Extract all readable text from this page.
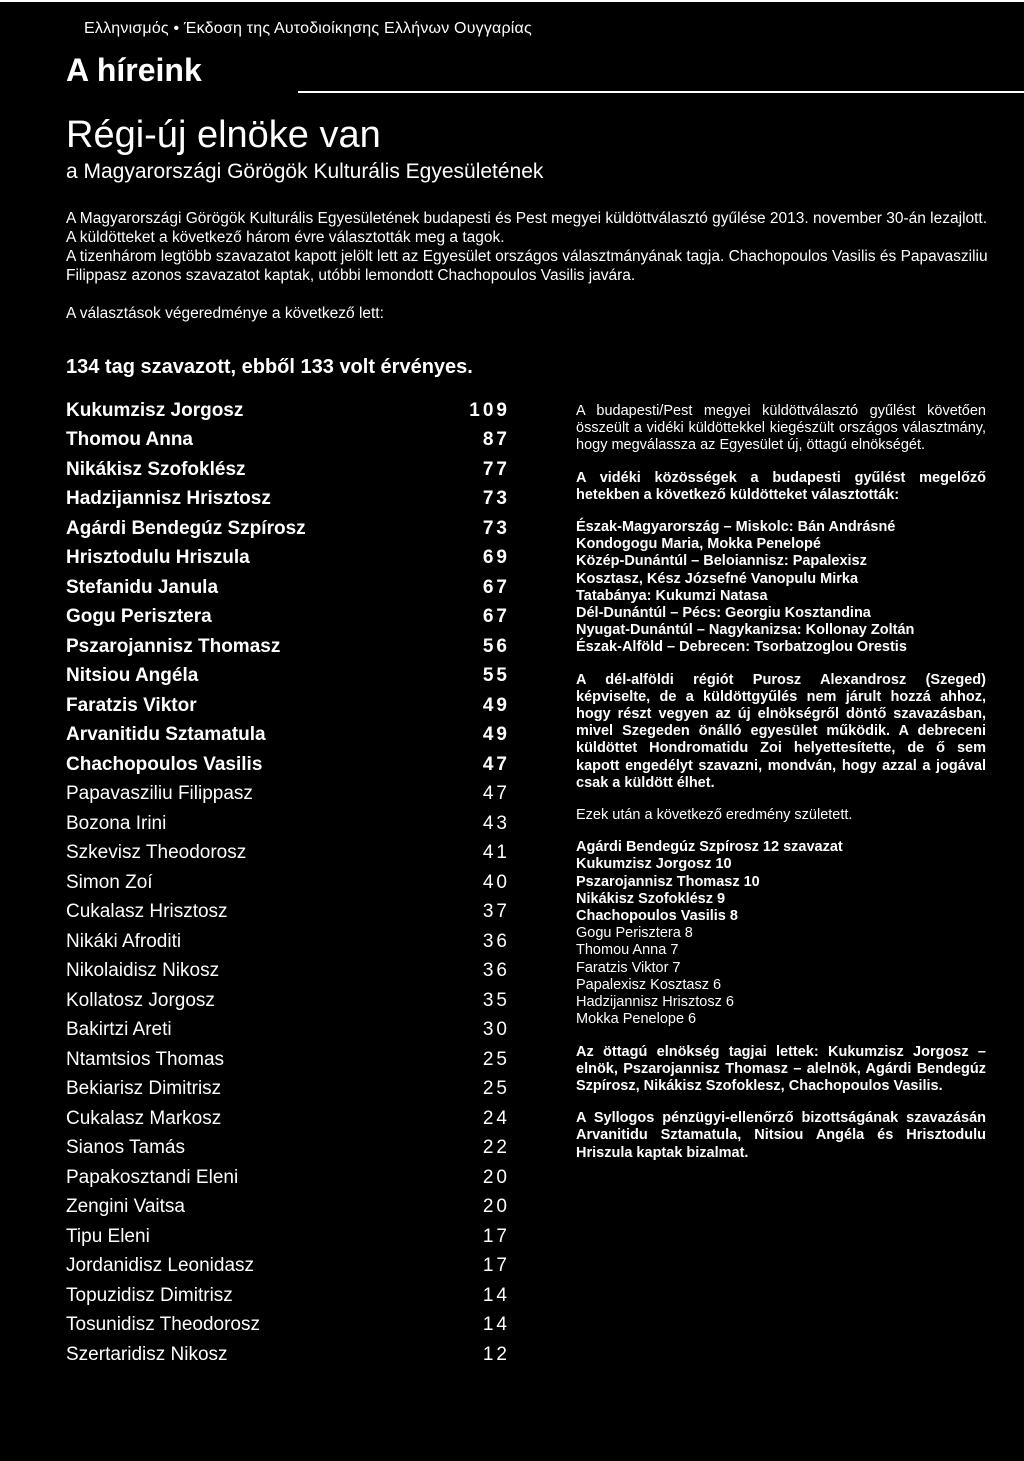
Ελληνισμός • Έκδοση της Αυτοδιοίκησης Ελλήνων Ουγγαρίας
A híreink
Régi-új elnöke van
a Magyarországi Görögök Kulturális Egyesületének

A Magyarországi Görögök Kulturális Egyesületének budapesti és Pest megyei küldöttválasztó gyűlése 2013. november 30-án lezajlott. A küldötteket a következő három évre választották meg a tagok.

A tizenhárom legtöbb szavazatot kapott jelölt lett az Egyesület országos választmányának tagja. Chachopoulos Vasilis és Papavasziliu Filippasz azonos szavazatot kaptak, utóbbi lemondott Chachopoulos Vasilis javára.

A választások végeredménye a következő lett:
134 tag szavazott, ebből 133 volt érvényes.
Kukumzisz Jorgosz	109
Thomou Anna	87
Nikákisz Szofoklész	77
Hadzijannisz Hrisztosz	73
Agárdi Bendegúz Szpírosz	73
Hrisztodulu Hriszula	69
Stefanidu Janula	67
Gogu Perisztera	67
Pszarojannisz Thomasz	56
Nitsiou Angéla	55
Faratzis Viktor	49
Arvanitidu Sztamatula	49
Chachopoulos Vasilis	47
Papavasziliu Filippasz	47
Bozona Irini	43
Szkevisz Theodorosz	41
Simon Zoí	40
Cukalasz Hrisztosz	37
Nikáki Afroditi	36
Nikolaidisz Nikosz	36
Kollatosz Jorgosz	35
Bakirtzi Areti	30
Ntamtsios Thomas	25
Bekiarisz Dimitrisz	25
Cukalasz Markosz	24
Sianos Tamás	22
Papakosztandi Eleni	20
Zengini Vaitsa	20
Tipu Eleni	17
Jordanidisz Leonidasz	17
Topuzidisz Dimitrisz	14
Tosunidisz Theodorosz	14
Szertaridisz Nikosz	12

A budapesti/Pest megyei küldöttválasztó gyűlést követően összeült a vidéki küldöttekkel kiegészült országos választmány, hogy megválassza az Egyesület új, öttagú elnökségét.

A vidéki közösségek a budapesti gyűlést megelőző hetekben a következő küldötteket választották:

Észak-Magyarország – Miskolc: Bán Andrásné
Kondogogu Maria, Mokka Penelopé
Közép-Dunántúl – Beloiannisz: Papalexisz
Kosztasz, Kész Józsefné Vanopulu Mirka
Tatabánya: Kukumzi Natasa
Dél-Dunántúl – Pécs: Georgiu Kosztandina
Nyugat-Dunántúl – Nagykanizsa: Kollonay Zoltán
Észak-Alföld – Debrecen: Tsorbatzoglou Orestis

A dél-alföldi régiót Purosz Alexandrosz (Szeged) képviselte, de a küldöttgyűlés nem járult hozzá ahhoz, hogy részt vegyen az új elnökségről döntő szavazásban, mivel Szegeden önálló egyesület működik. A debreceni küldöttet Hondromatidu Zoi helyettesítette, de ő sem kapott engedélyt szavazni, mondván, hogy azzal a jogával csak a küldött élhet.

Ezek után a következő eredmény született.

Agárdi Bendegúz Szpírosz 12 szavazat
Kukumzisz Jorgosz 10
Pszarojannisz Thomasz 10
Nikákisz Szofoklész 9
Chachopoulos Vasilis 8
Gogu Perisztera 8
Thomou Anna 7
Faratzis Viktor 7
Papalexisz Kosztasz 6
Hadzijannisz Hrisztosz 6
Mokka Penelope 6

Az öttagú elnökség tagjai lettek: Kukumzisz Jorgosz – elnök, Pszarojannisz Thomasz – alelnök, Agárdi Bendegúz Szpírosz, Nikákisz Szofoklesz, Chachopoulos Vasilis.

A Syllogos pénzügyi-ellenőrző bizottságának szavazásán Arvanitidu Sztamatula, Nitsiou Angéla és Hrisztodulu Hriszula kaptak bizalmat.
